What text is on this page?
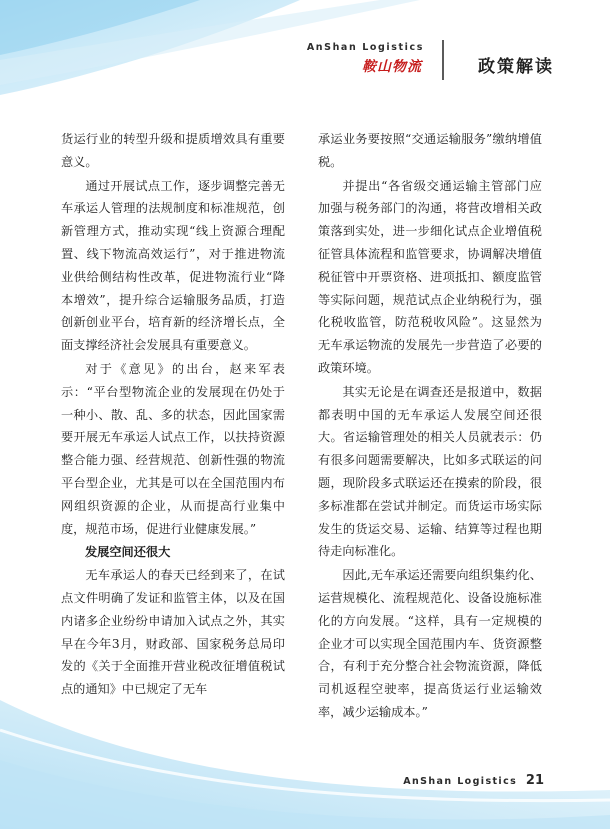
AnShan Logistics
鞍山物流	政策解读

货运行业的转型升级和提质增效具有重要意义。

通过开展试点工作，逐步调整完善无车承运人管理的法规制度和标准规范，创新管理方式，推动实现“线上资源合理配置、线下物流高效运行”，对于推进物流业供给侧结构性改革，促进物流行业“降本增效”，提升综合运输服务品质，打造创新创业平台，培育新的经济增长点，全面支撑经济社会发展具有重要意义。

对于《意见》的出台，赵来军表示：“平台型物流企业的发展现在仍处于一种小、散、乱、多的状态，因此国家需要开展无车承运人试点工作，以扶持资源整合能力强、经营规范、创新性强的物流平台型企业，尤其是可以在全国范围内布网组织资源的企业，从而提高行业集中度，规范市场，促进行业健康发展。”

发展空间还很大

无车承运人的春天已经到来了，在试点文件明确了发证和监管主体，以及在国内诸多企业纷纷申请加入试点之外，其实早在今年3月，财政部、国家税务总局印发的《关于全面推开营业税改征增值税试点的通知》中已规定了无车

承运业务要按照“交通运输服务”缴纳增值税。

并提出“各省级交通运输主管部门应加强与税务部门的沟通，将营改增相关政策落到实处，进一步细化试点企业增值税征管具体流程和监管要求，协调解决增值税征管中开票资格、进项抵扣、额度监管等实际问题，规范试点企业纳税行为，强化税收监管，防范税收风险”。这显然为无车承运物流的发展先一步营造了必要的政策环境。

其实无论是在调查还是报道中，数据都表明中国的无车承运人发展空间还很大。省运输管理处的相关人员就表示：仍有很多问题需要解决，比如多式联运的问题，现阶段多式联运还在摸索的阶段，很多标准都在尝试并制定。而货运市场实际发生的货运交易、运输、结算等过程也期待走向标准化。

因此,无车承运还需要向组织集约化、运营规模化、流程规范化、设备设施标准化的方向发展。“这样，具有一定规模的企业才可以实现全国范围内车、货资源整合，有利于充分整合社会物流资源，降低司机返程空驶率，提高货运行业运输效率，减少运输成本。”

AnShan Logistics 21
